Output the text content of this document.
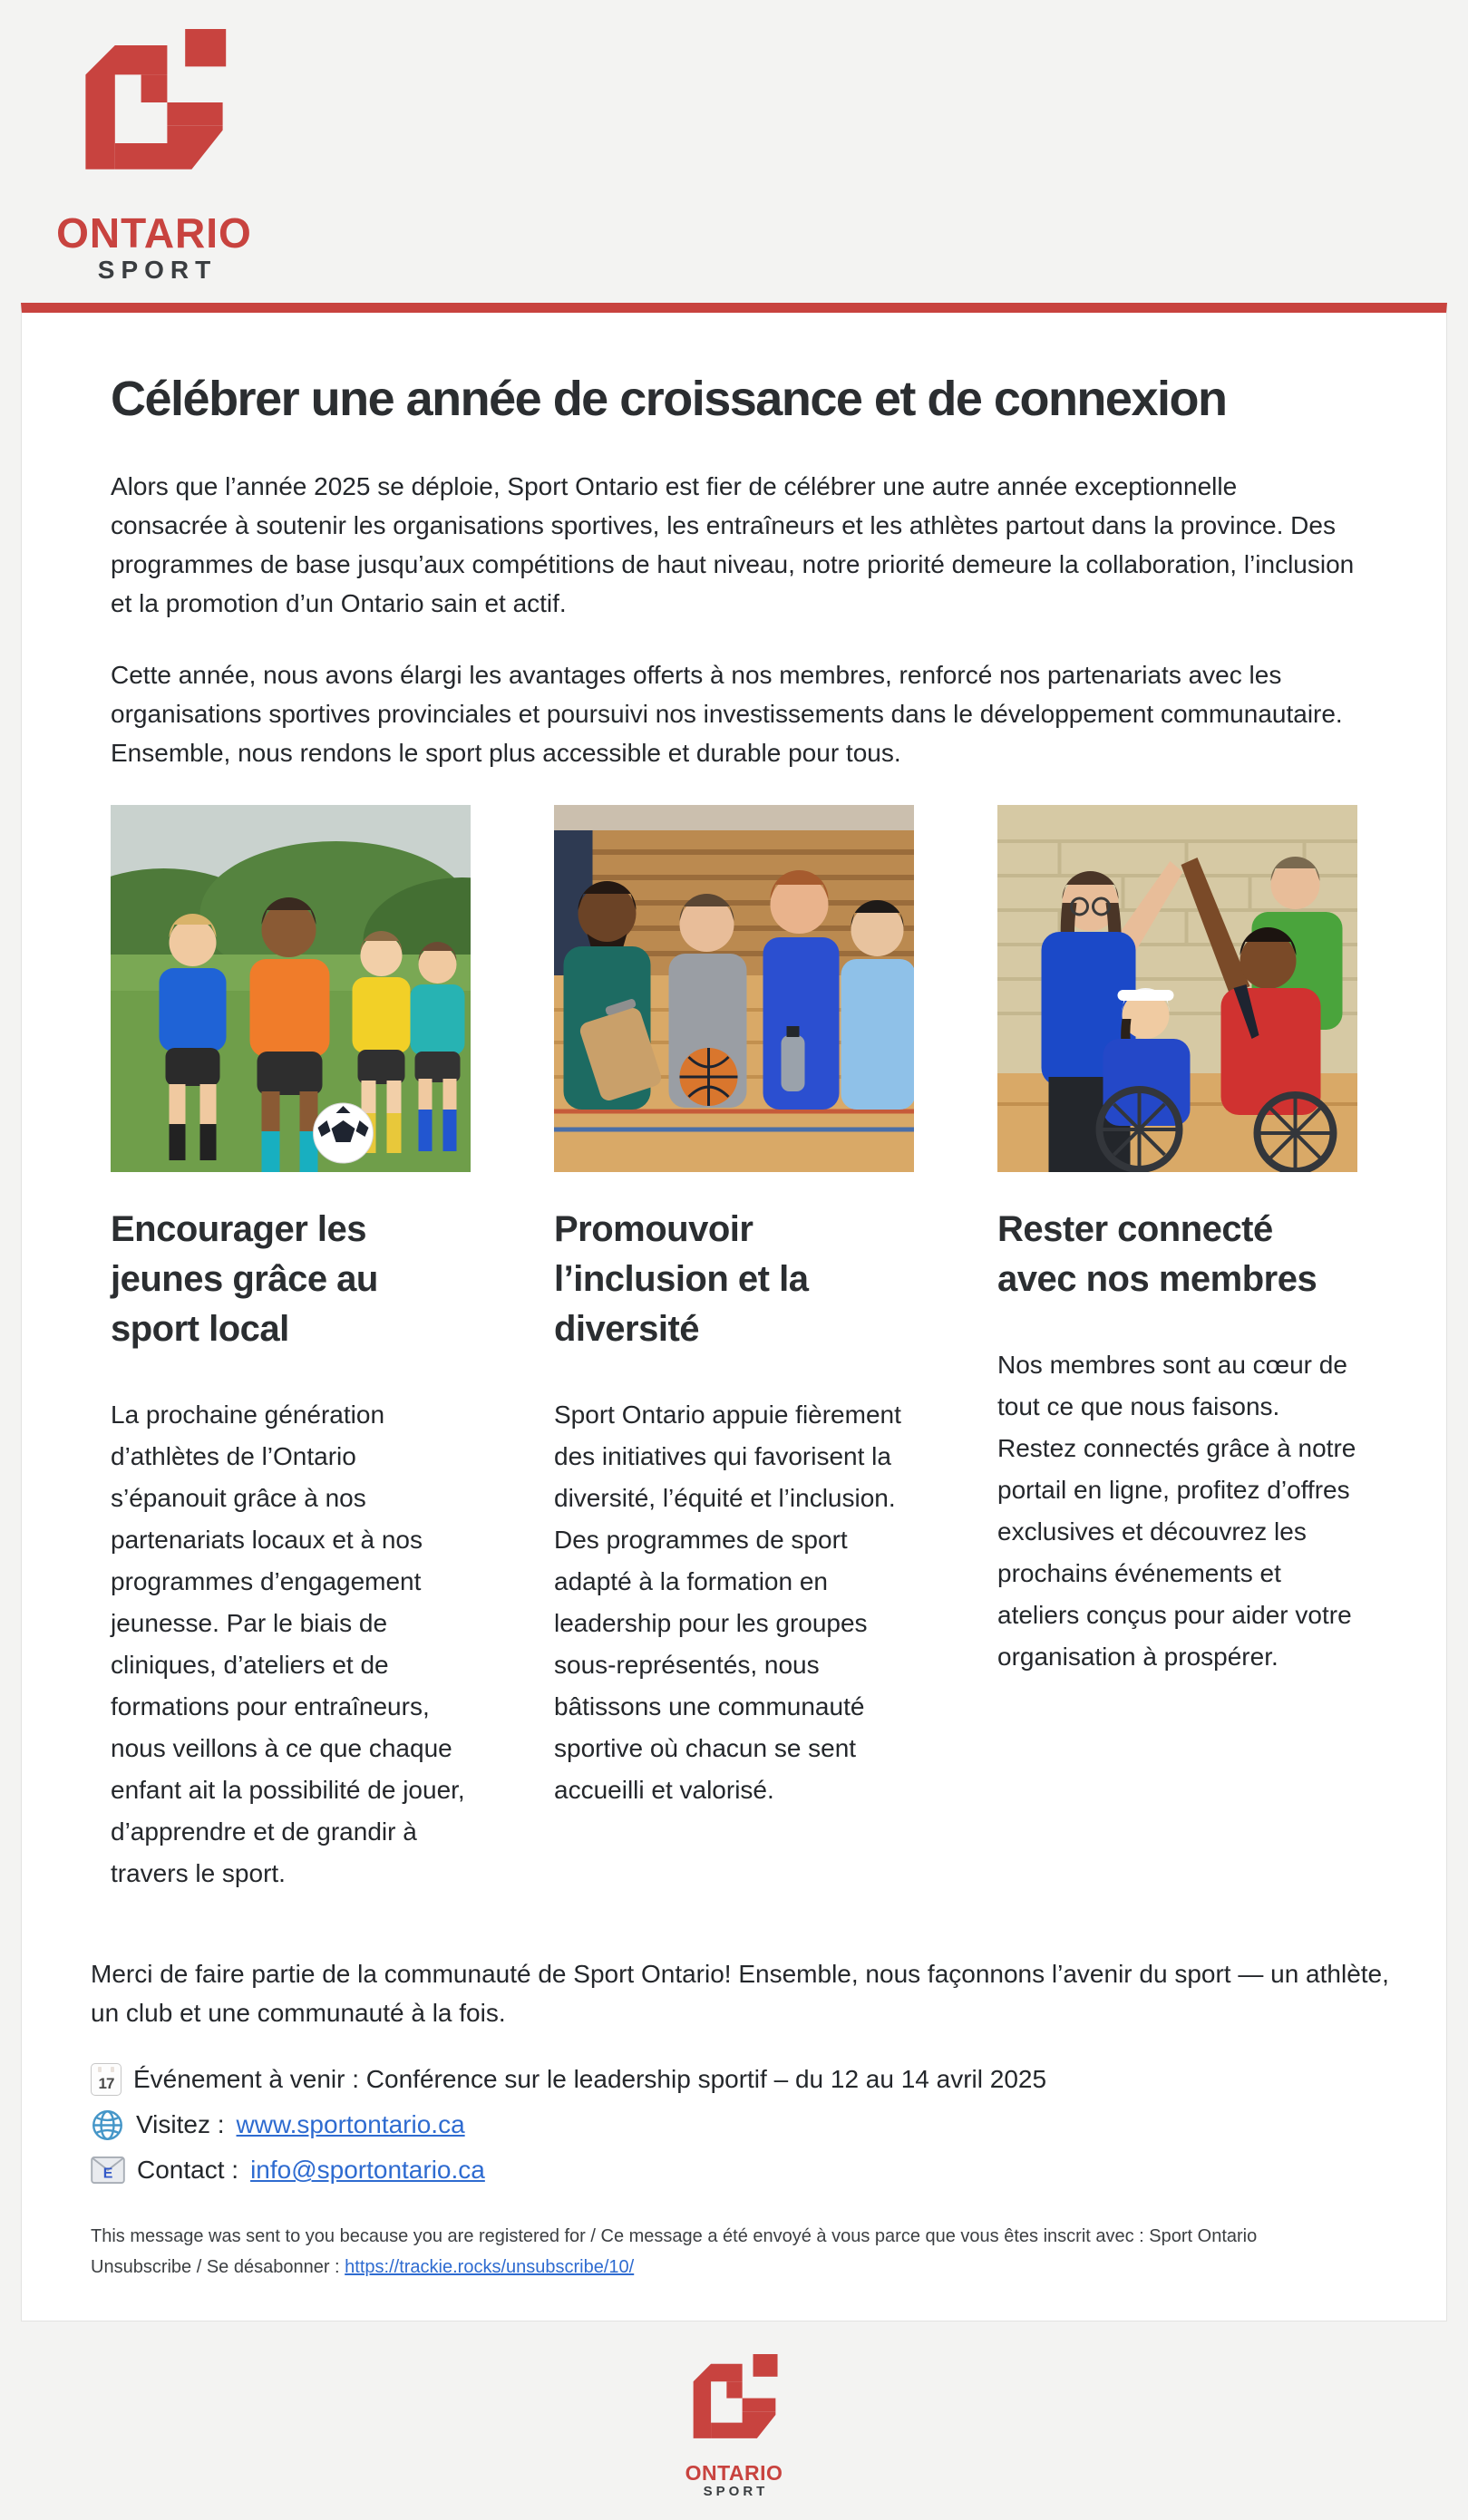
ONTARIO
SPORT
Célébrer une année de croissance et de connexion

Alors que l’année 2025 se déploie, Sport Ontario est fier de célébrer une autre année exceptionnelle consacrée à soutenir les organisations sportives, les entraîneurs et les athlètes partout dans la province. Des programmes de base jusqu’aux compétitions de haut niveau, notre priorité demeure la collaboration, l’inclusion et la promotion d’un Ontario sain et actif.

Cette année, nous avons élargi les avantages offerts à nos membres, renforcé nos partenariats avec les organisations sportives provinciales et poursuivi nos investissements dans le développement communautaire. Ensemble, nous rendons le sport plus accessible et durable pour tous.

Encourager les jeunes grâce au sport local

La prochaine génération d’athlètes de l’Ontario s’épanouit grâce à nos partenariats locaux et à nos programmes d’engagement jeunesse. Par le biais de cliniques, d’ateliers et de formations pour entraîneurs, nous veillons à ce que chaque enfant ait la possibilité de jouer, d’apprendre et de grandir à travers le sport.

Promouvoir l’inclusion et la diversité

Sport Ontario appuie fièrement des initiatives qui favorisent la diversité, l’équité et l’inclusion. Des programmes de sport adapté à la formation en leadership pour les groupes sous-représentés, nous bâtissons une communauté sportive où chacun se sent accueilli et valorisé.

Rester connecté avec nos membres

Nos membres sont au cœur de tout ce que nous faisons. Restez connectés grâce à notre portail en ligne, profitez d’offres exclusives et découvrez les prochains événements et ateliers conçus pour aider votre organisation à prospérer.

Merci de faire partie de la communauté de Sport Ontario! Ensemble, nous façonnons l’avenir du sport — un athlète, un club et une communauté à la fois.

17 Événement à venir : Conférence sur le leadership sportif – du 12 au 14 avril 2025
Visitez : www.sportontario.ca
E Contact : info@sportontario.ca
This message was sent to you because you are registered for / Ce message a été envoyé à vous parce que vous êtes inscrit avec : Sport Ontario
Unsubscribe / Se désabonner : https://trackie.rocks/unsubscribe/10/
ONTARIO
SPORT
